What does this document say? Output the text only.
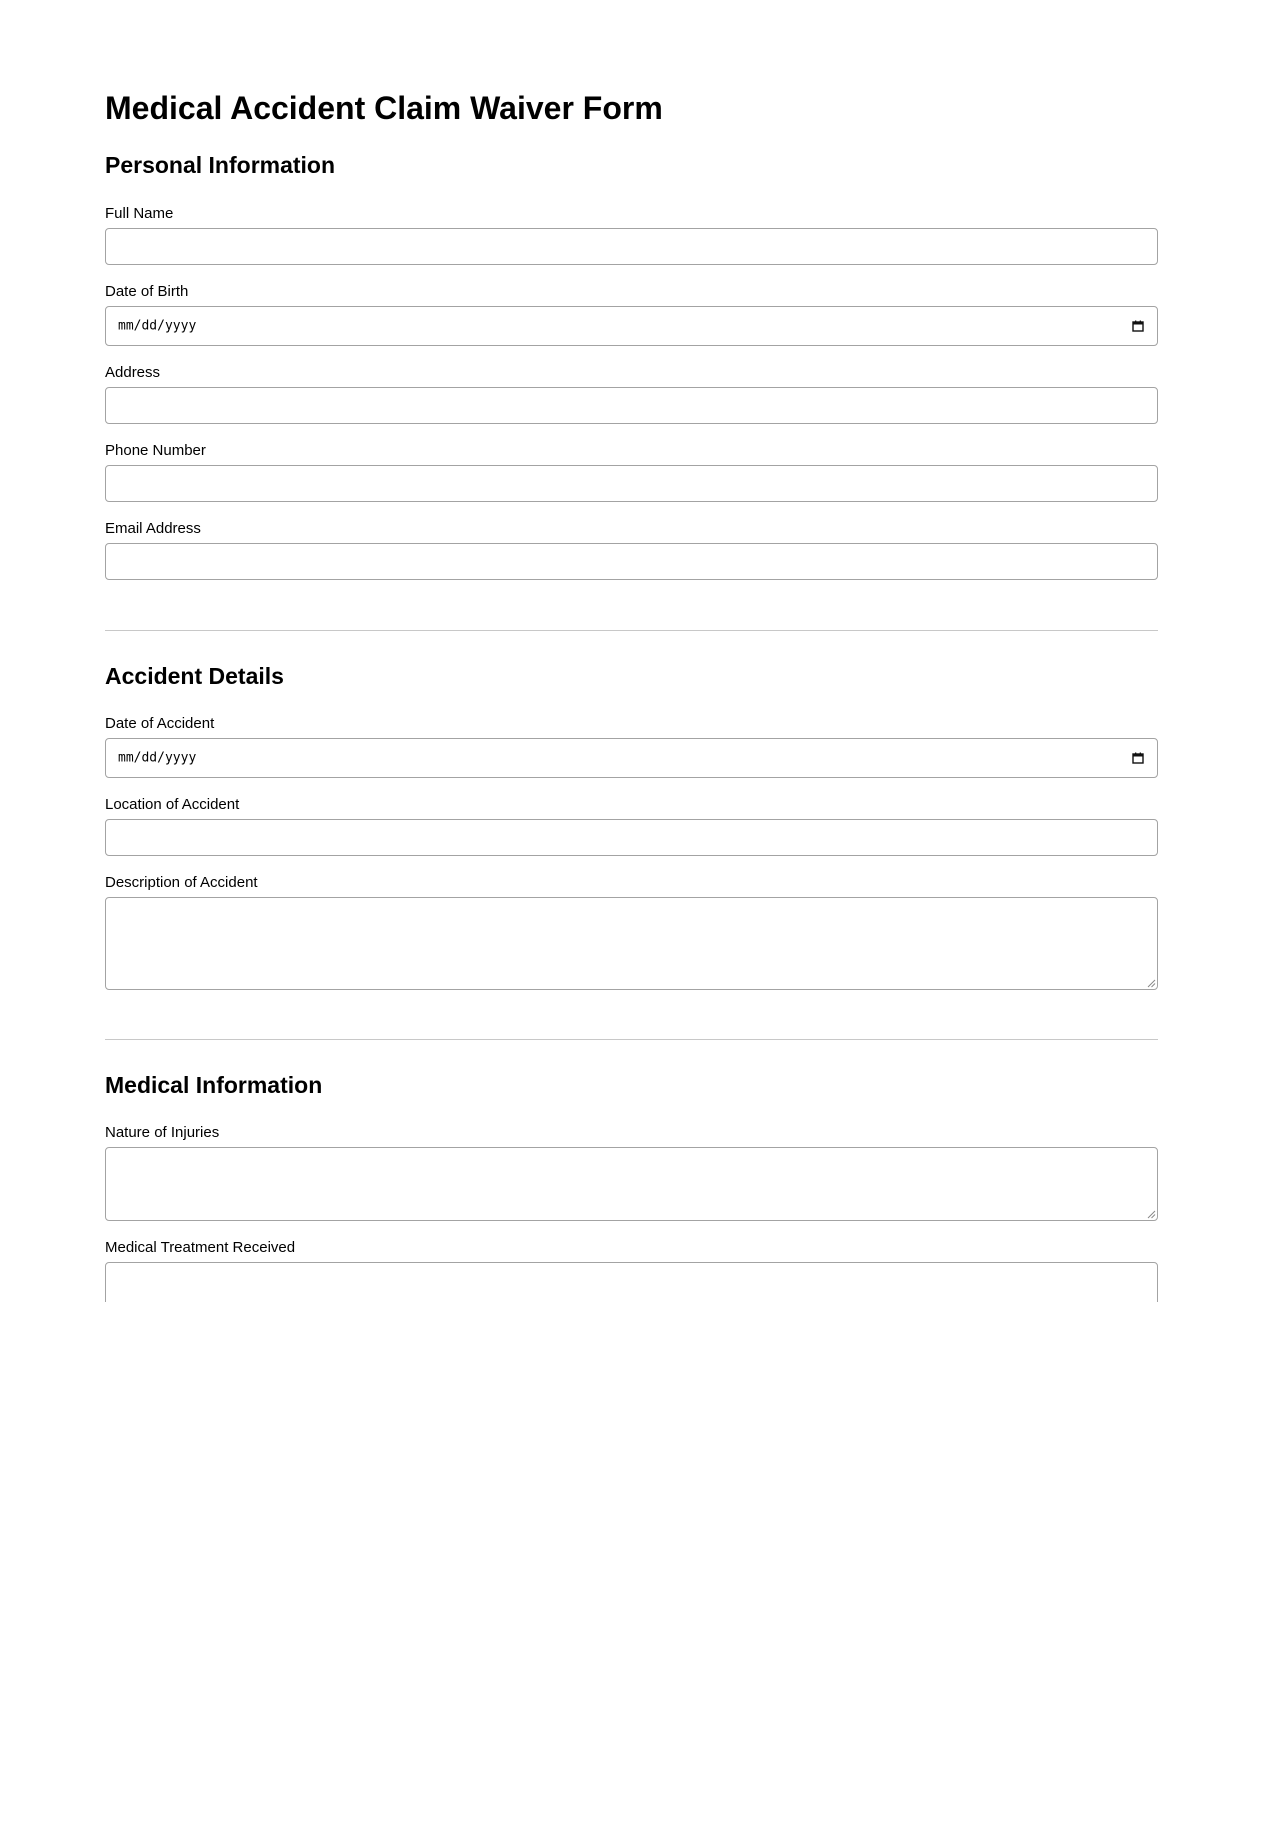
Medical Accident Claim Waiver Form
Personal Information
Full Name
Date of Birth
mm/dd/yyyy
Address
Phone Number
Email Address
Accident Details
Date of Accident
mm/dd/yyyy
Location of Accident
Description of Accident
Medical Information
Nature of Injuries
Medical Treatment Received
